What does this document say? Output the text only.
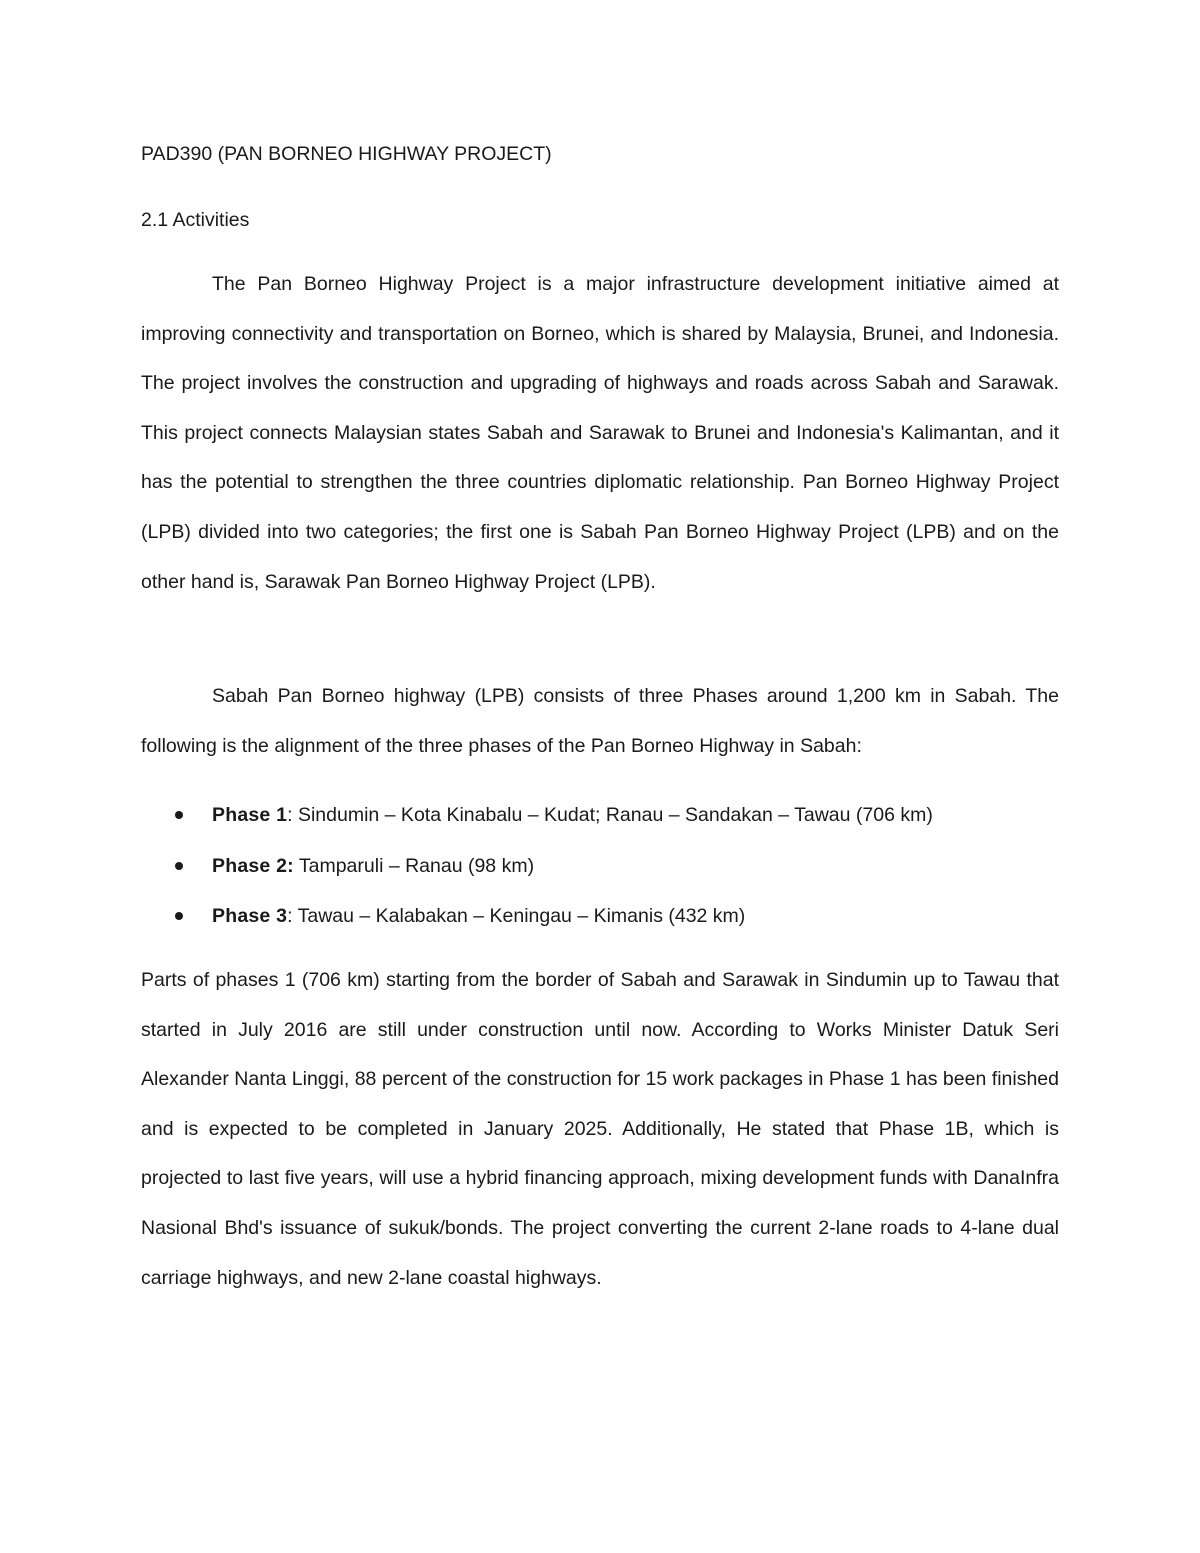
PAD390 (PAN BORNEO HIGHWAY PROJECT)
2.1 Activities

The Pan Borneo Highway Project is a major infrastructure development initiative aimed at improving connectivity and transportation on Borneo, which is shared by Malaysia, Brunei, and Indonesia. The project involves the construction and upgrading of highways and roads across Sabah and Sarawak. This project connects Malaysian states Sabah and Sarawak to Brunei and Indonesia's Kalimantan, and it has the potential to strengthen the three countries diplomatic relationship. Pan Borneo Highway Project (LPB) divided into two categories; the first one is Sabah Pan Borneo Highway Project (LPB) and on the other hand is, Sarawak Pan Borneo Highway Project (LPB).

Sabah Pan Borneo highway (LPB) consists of three Phases around 1,200 km in Sabah. The following is the alignment of the three phases of the Pan Borneo Highway in Sabah:

Phase 1: Sindumin – Kota Kinabalu – Kudat; Ranau – Sandakan – Tawau (706 km)
Phase 2: Tamparuli – Ranau (98 km)
Phase 3: Tawau – Kalabakan – Keningau – Kimanis (432 km)

Parts of phases 1 (706 km) starting from the border of Sabah and Sarawak in Sindumin up to Tawau that started in July 2016 are still under construction until now. According to Works Minister Datuk Seri Alexander Nanta Linggi, 88 percent of the construction for 15 work packages in Phase 1 has been finished and is expected to be completed in January 2025. Additionally, He stated that Phase 1B, which is projected to last five years, will use a hybrid financing approach, mixing development funds with DanaInfra Nasional Bhd's issuance of sukuk/bonds. The project converting the current 2-lane roads to 4-lane dual carriage highways, and new 2-lane coastal highways.
